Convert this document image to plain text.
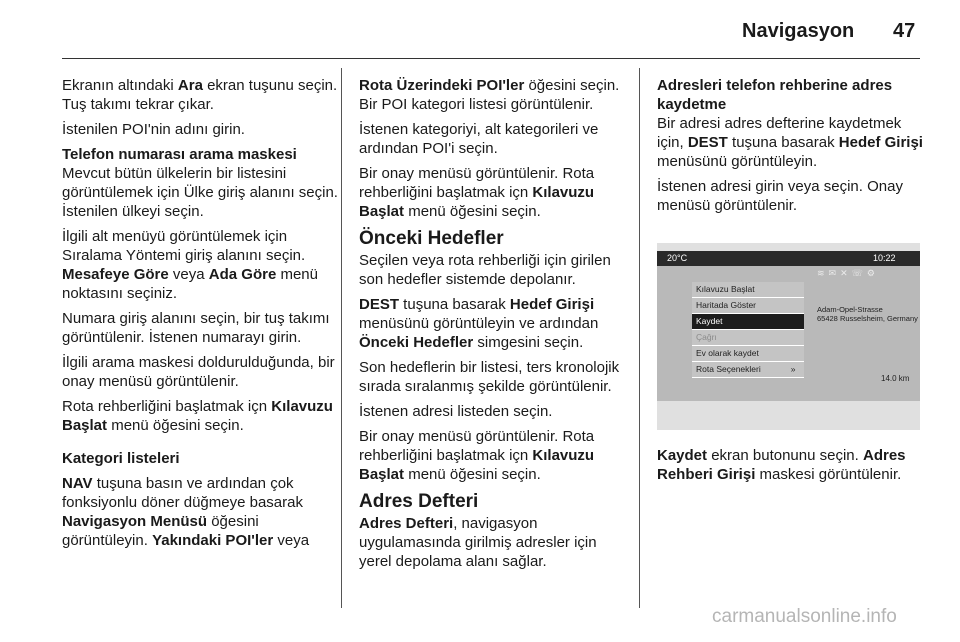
Navigasyon 47

Ekranın altındaki Ara ekran tuşunu seçin. Tuş takımı tekrar çıkar.

İstenilen POI'nin adını girin.

Telefon numarası arama maskesi

Mevcut bütün ülkelerin bir listesini görüntülemek için Ülke giriş alanını seçin. İstenilen ülkeyi seçin.

İlgili alt menüyü görüntülemek için Sıralama Yöntemi giriş alanını seçin. Mesafeye Göre veya Ada Göre menü noktasını seçiniz.

Numara giriş alanını seçin, bir tuş takımı görüntülenir. İstenen numarayı girin.

İlgili arama maskesi doldurulduğunda, bir onay menüsü görüntülenir.

Rota rehberliğini başlatmak içn Kılavuzu Başlat menü öğesini seçin.

Kategori listeleri

NAV tuşuna basın ve ardından çok fonksiyonlu döner düğmeye basarak Navigasyon Menüsü öğesini görüntüleyin. Yakındaki POI'ler veya

Rota Üzerindeki POI'ler öğesini seçin. Bir POI kategori listesi görüntülenir.

İstenen kategoriyi, alt kategorileri ve ardından POI'i seçin.

Bir onay menüsü görüntülenir. Rota rehberliğini başlatmak içn Kılavuzu Başlat menü öğesini seçin.

Önceki Hedefler

Seçilen veya rota rehberliği için girilen son hedefler sistemde depolanır.

DEST tuşuna basarak Hedef Girişi menüsünü görüntüleyin ve ardından Önceki Hedefler simgesini seçin.

Son hedeflerin bir listesi, ters kronolojik sırada sıralanmış şekilde görüntülenir.

İstenen adresi listeden seçin.

Bir onay menüsü görüntülenir. Rota rehberliğini başlatmak içn Kılavuzu Başlat menü öğesini seçin.

Adres Defteri

Adres Defteri, navigasyon uygulamasında girilmiş adresler için yerel depolama alanı sağlar.

Adresleri telefon rehberine adres kaydetme

Bir adresi adres defterine kaydetmek için, DEST tuşuna basarak Hedef Girişi menüsünü görüntüleyin.

İstenen adresi girin veya seçin. Onay menüsü görüntülenir.

20°C	10:22
≋✉✕☏⚙
Kılavuzu Başlat
Haritada Göster
Kaydet
Çağrı
Ev olarak kaydet
Rota Seçenekleri	»
Adam-Opel-Strasse
65428 Russelsheim, Germany
14.0 km

Kaydet ekran butonunu seçin. Adres Rehberi Girişi maskesi görüntülenir.

carmanualsonline.info
